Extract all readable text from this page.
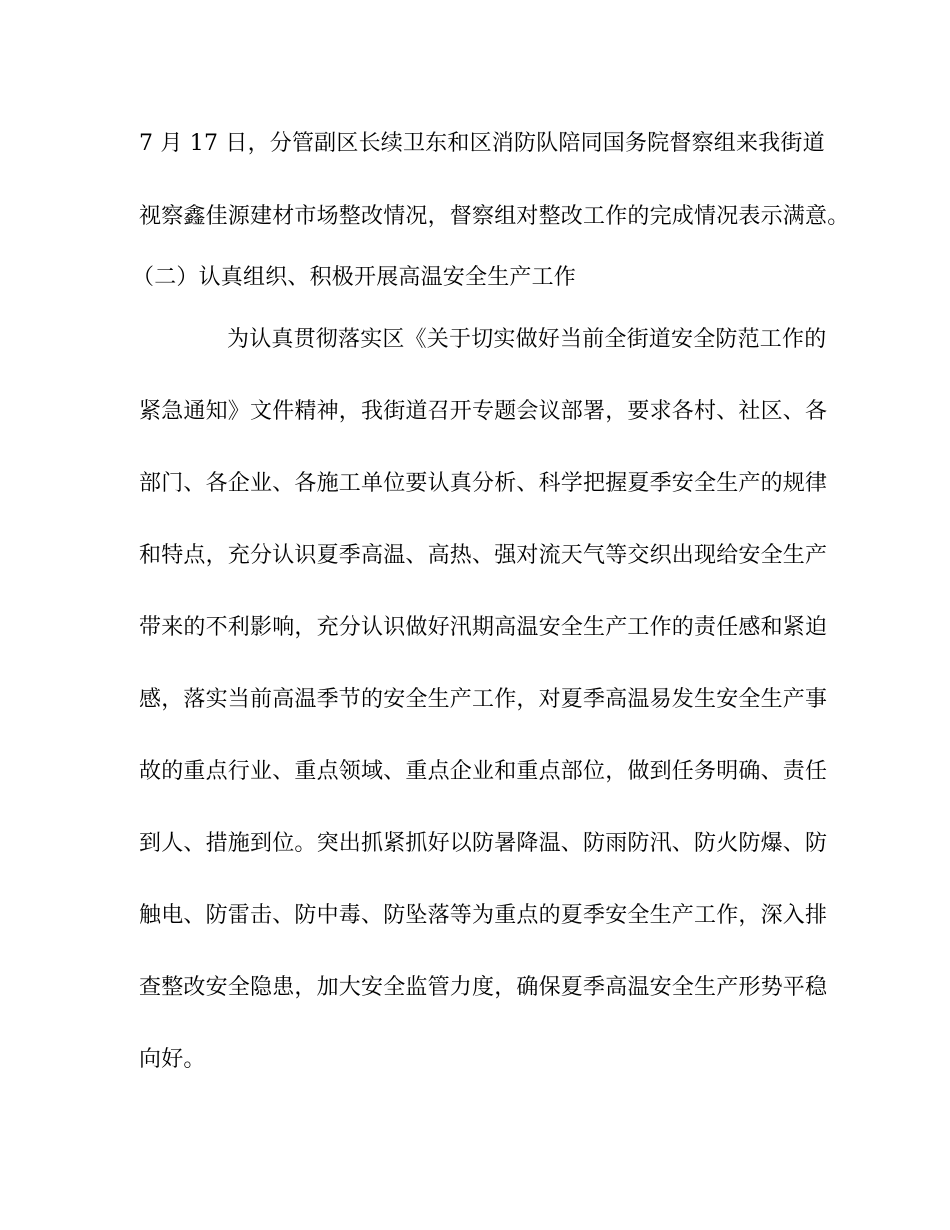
7 月 17 日，分管副区长续卫东和区消防队陪同国务院督察组来我街道
视察鑫佳源建材市场整改情况，督察组对整改工作的完成情况表示满意。
（二）认真组织、积极开展高温安全生产工作
为认真贯彻落实区《关于切实做好当前全街道安全防范工作的
紧急通知》文件精神，我街道召开专题会议部署，要求各村、社区、各
部门、各企业、各施工单位要认真分析、科学把握夏季安全生产的规律
和特点，充分认识夏季高温、高热、强对流天气等交织出现给安全生产
带来的不利影响，充分认识做好汛期高温安全生产工作的责任感和紧迫
感，落实当前高温季节的安全生产工作，对夏季高温易发生安全生产事
故的重点行业、重点领域、重点企业和重点部位，做到任务明确、责任
到人、措施到位。突出抓紧抓好以防暑降温、防雨防汛、防火防爆、防
触电、防雷击、防中毒、防坠落等为重点的夏季安全生产工作，深入排
查整改安全隐患，加大安全监管力度，确保夏季高温安全生产形势平稳
向好。
